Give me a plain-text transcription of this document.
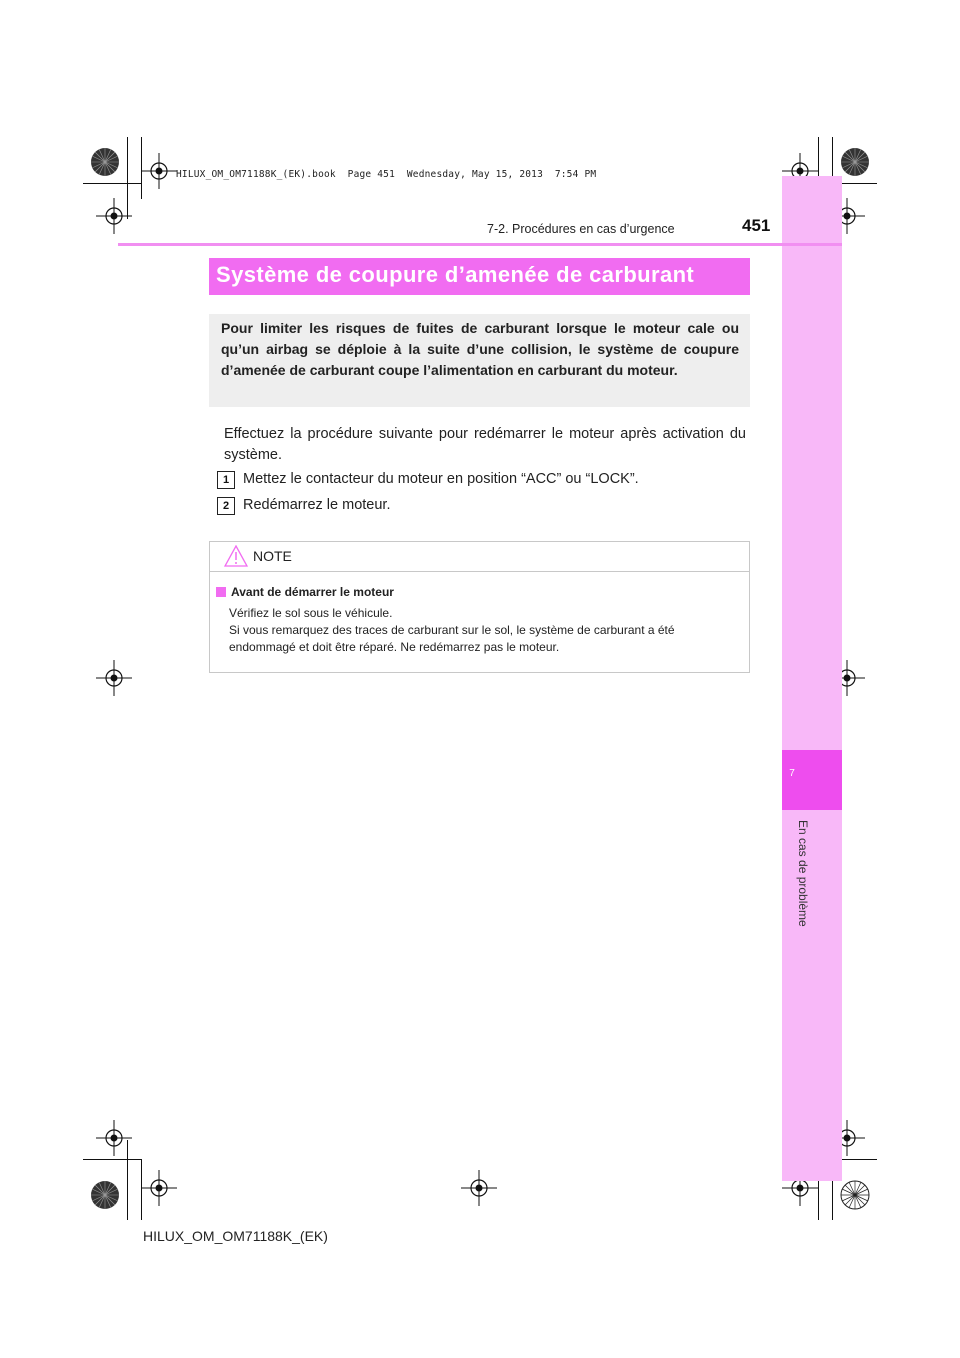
HILUX_OM_OM71188K_(EK).book  Page 451  Wednesday, May 15, 2013  7:54 PM
7
En cas de problème
7-2. Procédures en cas d’urgence	451
Système de coupure d’amenée de carburant

Pour limiter les risques de fuites de carburant lorsque le moteur cale ou qu’un airbag se déploie à la suite d’une collision, le système de coupure d’amenée de carburant coupe l’alimentation en carburant du moteur.

Effectuez la procédure suivante pour redémarrer le moteur après activation du système.

1 Mettez le contacteur du moteur en position “ACC” ou “LOCK”.
2 Redémarrez le moteur.
NOTE
Avant de démarrer le moteur

Vérifiez le sol sous le véhicule.
Si vous remarquez des traces de carburant sur le sol, le système de carburant a été endommagé et doit être réparé. Ne redémarrez pas le moteur.

HILUX_OM_OM71188K_(EK)
